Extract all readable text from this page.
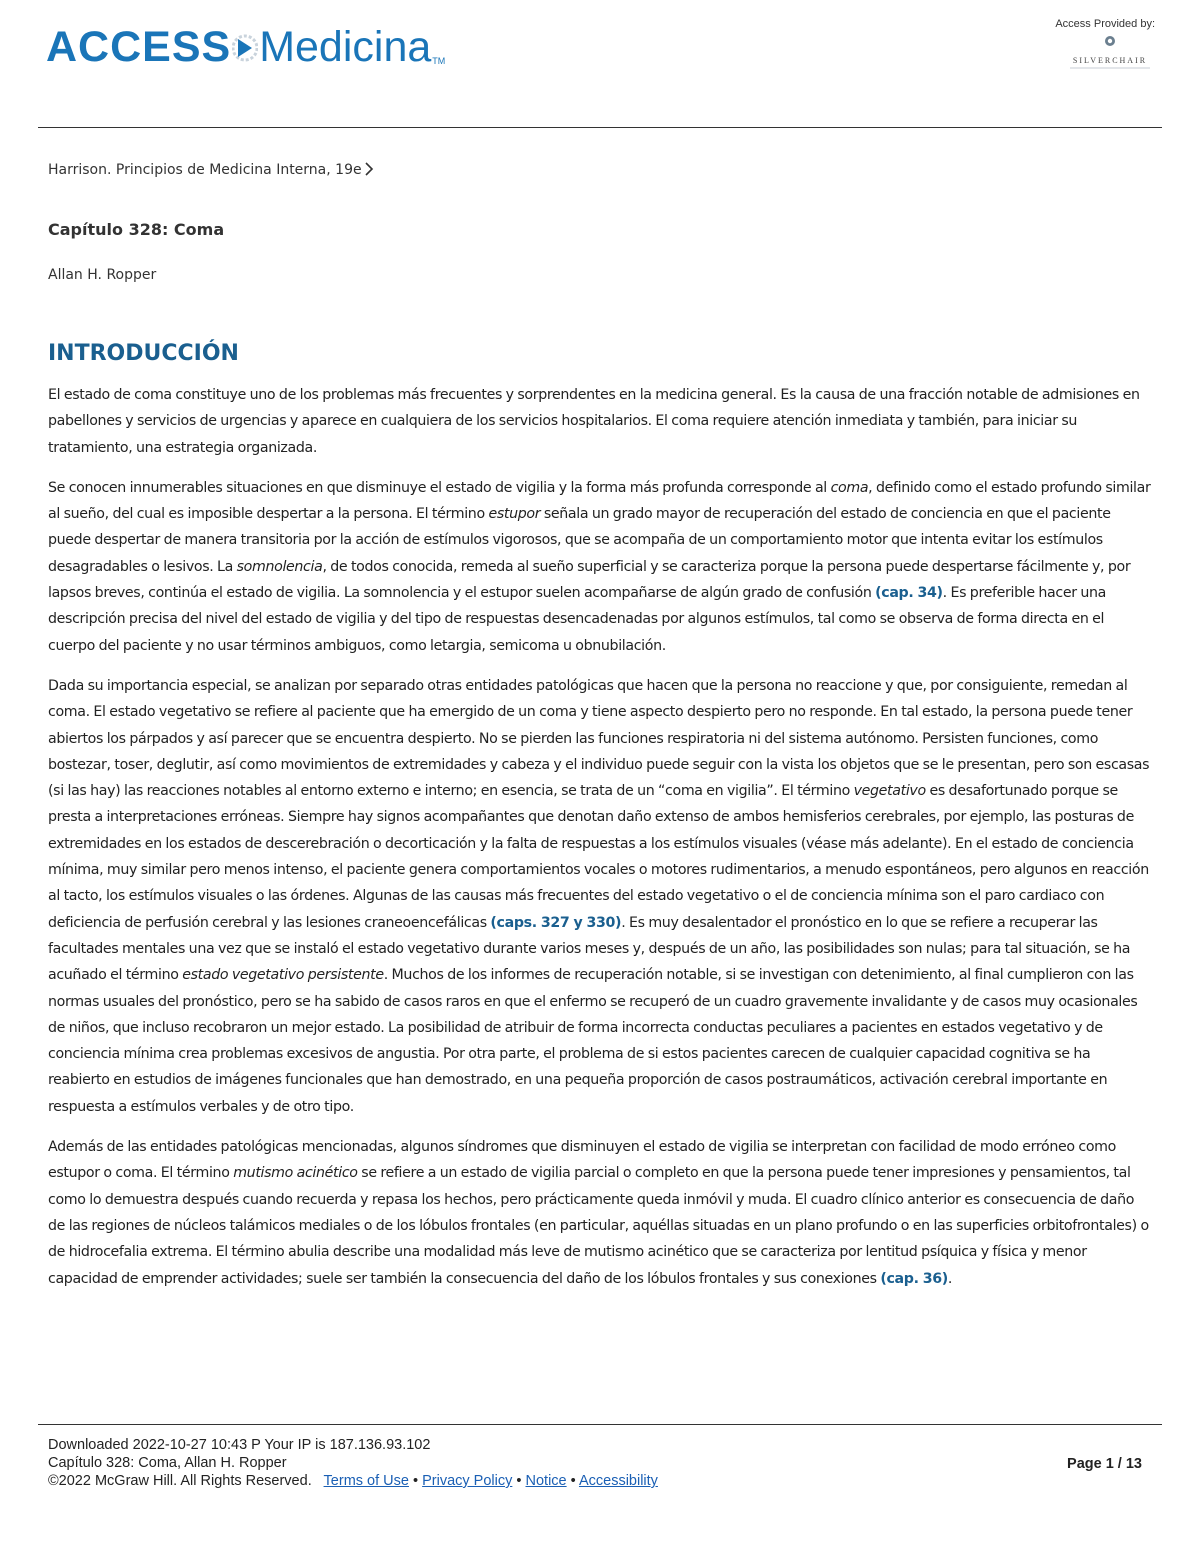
ACCESS Medicina TM
Access Provided by:
SILVERCHAIR
Harrison. Principios de Medicina Interna, 19e
Capítulo 328: Coma
Allan H. Ropper
INTRODUCCIÓN

El estado de coma constituye uno de los problemas más frecuentes y sorprendentes en la medicina general. Es la causa de una fracción notable de admisiones en pabellones y servicios de urgencias y aparece en cualquiera de los servicios hospitalarios. El coma requiere atención inmediata y también, para iniciar su tratamiento, una estrategia organizada.

Se conocen innumerables situaciones en que disminuye el estado de vigilia y la forma más profunda corresponde al coma, definido como el estado profundo similar al sueño, del cual es imposible despertar a la persona. El término estupor señala un grado mayor de recuperación del estado de conciencia en que el paciente puede despertar de manera transitoria por la acción de estímulos vigorosos, que se acompaña de un comportamiento motor que intenta evitar los estímulos desagradables o lesivos. La somnolencia, de todos conocida, remeda al sueño superficial y se caracteriza porque la persona puede despertarse fácilmente y, por lapsos breves, continúa el estado de vigilia. La somnolencia y el estupor suelen acompañarse de algún grado de confusión (cap. 34). Es preferible hacer una descripción precisa del nivel del estado de vigilia y del tipo de respuestas desencadenadas por algunos estímulos, tal como se observa de forma directa en el cuerpo del paciente y no usar términos ambiguos, como letargia, semicoma u obnubilación.

Dada su importancia especial, se analizan por separado otras entidades patológicas que hacen que la persona no reaccione y que, por consiguiente, remedan al coma. El estado vegetativo se refiere al paciente que ha emergido de un coma y tiene aspecto despierto pero no responde. En tal estado, la persona puede tener abiertos los párpados y así parecer que se encuentra despierto. No se pierden las funciones respiratoria ni del sistema autónomo. Persisten funciones, como bostezar, toser, deglutir, así como movimientos de extremidades y cabeza y el individuo puede seguir con la vista los objetos que se le presentan, pero son escasas (si las hay) las reacciones notables al entorno externo e interno; en esencia, se trata de un “coma en vigilia”. El término vegetativo es desafortunado porque se presta a interpretaciones erróneas. Siempre hay signos acompañantes que denotan daño extenso de ambos hemisferios cerebrales, por ejemplo, las posturas de extremidades en los estados de descerebración o decorticación y la falta de respuestas a los estímulos visuales (véase más adelante). En el estado de conciencia mínima, muy similar pero menos intenso, el paciente genera comportamientos vocales o motores rudimentarios, a menudo espontáneos, pero algunos en reacción al tacto, los estímulos visuales o las órdenes. Algunas de las causas más frecuentes del estado vegetativo o el de conciencia mínima son el paro cardiaco con deficiencia de perfusión cerebral y las lesiones craneoencefálicas (caps. 327 y 330). Es muy desalentador el pronóstico en lo que se refiere a recuperar las facultades mentales una vez que se instaló el estado vegetativo durante varios meses y, después de un año, las posibilidades son nulas; para tal situación, se ha acuñado el término estado vegetativo persistente. Muchos de los informes de recuperación notable, si se investigan con detenimiento, al final cumplieron con las normas usuales del pronóstico, pero se ha sabido de casos raros en que el enfermo se recuperó de un cuadro gravemente invalidante y de casos muy ocasionales de niños, que incluso recobraron un mejor estado. La posibilidad de atribuir de forma incorrecta conductas peculiares a pacientes en estados vegetativo y de conciencia mínima crea problemas excesivos de angustia. Por otra parte, el problema de si estos pacientes carecen de cualquier capacidad cognitiva se ha reabierto en estudios de imágenes funcionales que han demostrado, en una pequeña proporción de casos postraumáticos, activación cerebral importante en respuesta a estímulos verbales y de otro tipo.

Además de las entidades patológicas mencionadas, algunos síndromes que disminuyen el estado de vigilia se interpretan con facilidad de modo erróneo como estupor o coma. El término mutismo acinético se refiere a un estado de vigilia parcial o completo en que la persona puede tener impresiones y pensamientos, tal como lo demuestra después cuando recuerda y repasa los hechos, pero prácticamente queda inmóvil y muda. El cuadro clínico anterior es consecuencia de daño de las regiones de núcleos talámicos mediales o de los lóbulos frontales (en particular, aquéllas situadas en un plano profundo o en las superficies orbitofrontales) o de hidrocefalia extrema. El término abulia describe una modalidad más leve de mutismo acinético que se caracteriza por lentitud psíquica y física y menor capacidad de emprender actividades; suele ser también la consecuencia del daño de los lóbulos frontales y sus conexiones (cap. 36).

Downloaded 2022-10-27 10:43 P Your IP is 187.136.93.102
Capítulo 328: Coma, Allan H. Ropper
©2022 McGraw Hill. All Rights Reserved. Terms of Use • Privacy Policy • Notice • Accessibility
Page 1 / 13
